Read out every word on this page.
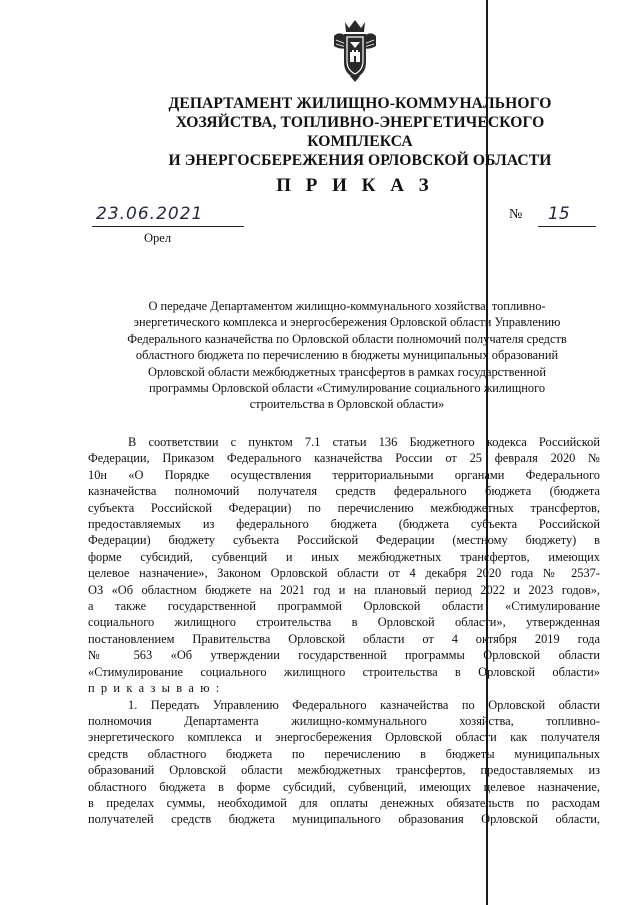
ДЕПАРТАМЕНТ ЖИЛИЩНО-КОММУНАЛЬНОГО
ХОЗЯЙСТВА, ТОПЛИВНО-ЭНЕРГЕТИЧЕСКОГО КОМПЛЕКСА
И ЭНЕРГОСБЕРЕЖЕНИЯ ОРЛОВСКОЙ ОБЛАСТИ
П Р И К А З
23.06.2021
Орел
№ 15
О передаче Департаментом жилищно-коммунального хозяйства, топливно-
энергетического комплекса и энергосбережения Орловской области Управлению
Федерального казначейства по Орловской области полномочий получателя средств
областного бюджета по перечислению в бюджеты муниципальных образований
Орловской области межбюджетных трансфертов в рамках государственной
программы Орловской области «Стимулирование социального жилищного
строительства в Орловской области»
В соответствии с пунктом 7.1 статьи 136 Бюджетного кодекса Российской
Федерации, Приказом Федерального казначейства России от 25 февраля 2020 №
10н «О Порядке осуществления территориальными органами Федерального
казначейства полномочий получателя средств федерального бюджета (бюджета
субъекта Российской Федерации) по перечислению межбюджетных трансфертов,
предоставляемых из федерального бюджета (бюджета субъекта Российской
Федерации) бюджету субъекта Российской Федерации (местному бюджету) в
форме субсидий, субвенций и иных межбюджетных трансфертов, имеющих
целевое назначение», Законом Орловской области от 4 декабря 2020 года № 2537-
ОЗ «Об областном бюджете на 2021 год и на плановый период 2022 и 2023 годов»,
а также государственной программой Орловской области «Стимулирование
социального жилищного строительства в Орловской области», утвержденная
постановлением Правительства Орловской области от 4 октября 2019 года
№ 563 «Об утверждении государственной программы Орловской области
«Стимулирование социального жилищного строительства в Орловской области»
п р и к а з ы в а ю :
1. Передать Управлению Федерального казначейства по Орловской области
полномочия Департамента жилищно-коммунального хозяйства, топливно-
энергетического комплекса и энергосбережения Орловской области как получателя
средств областного бюджета по перечислению в бюджеты муниципальных
образований Орловской области межбюджетных трансфертов, предоставляемых из
областного бюджета в форме субсидий, субвенций, имеющих целевое назначение,
в пределах суммы, необходимой для оплаты денежных обязательств по расходам
получателей средств бюджета муниципального образования Орловской области,
